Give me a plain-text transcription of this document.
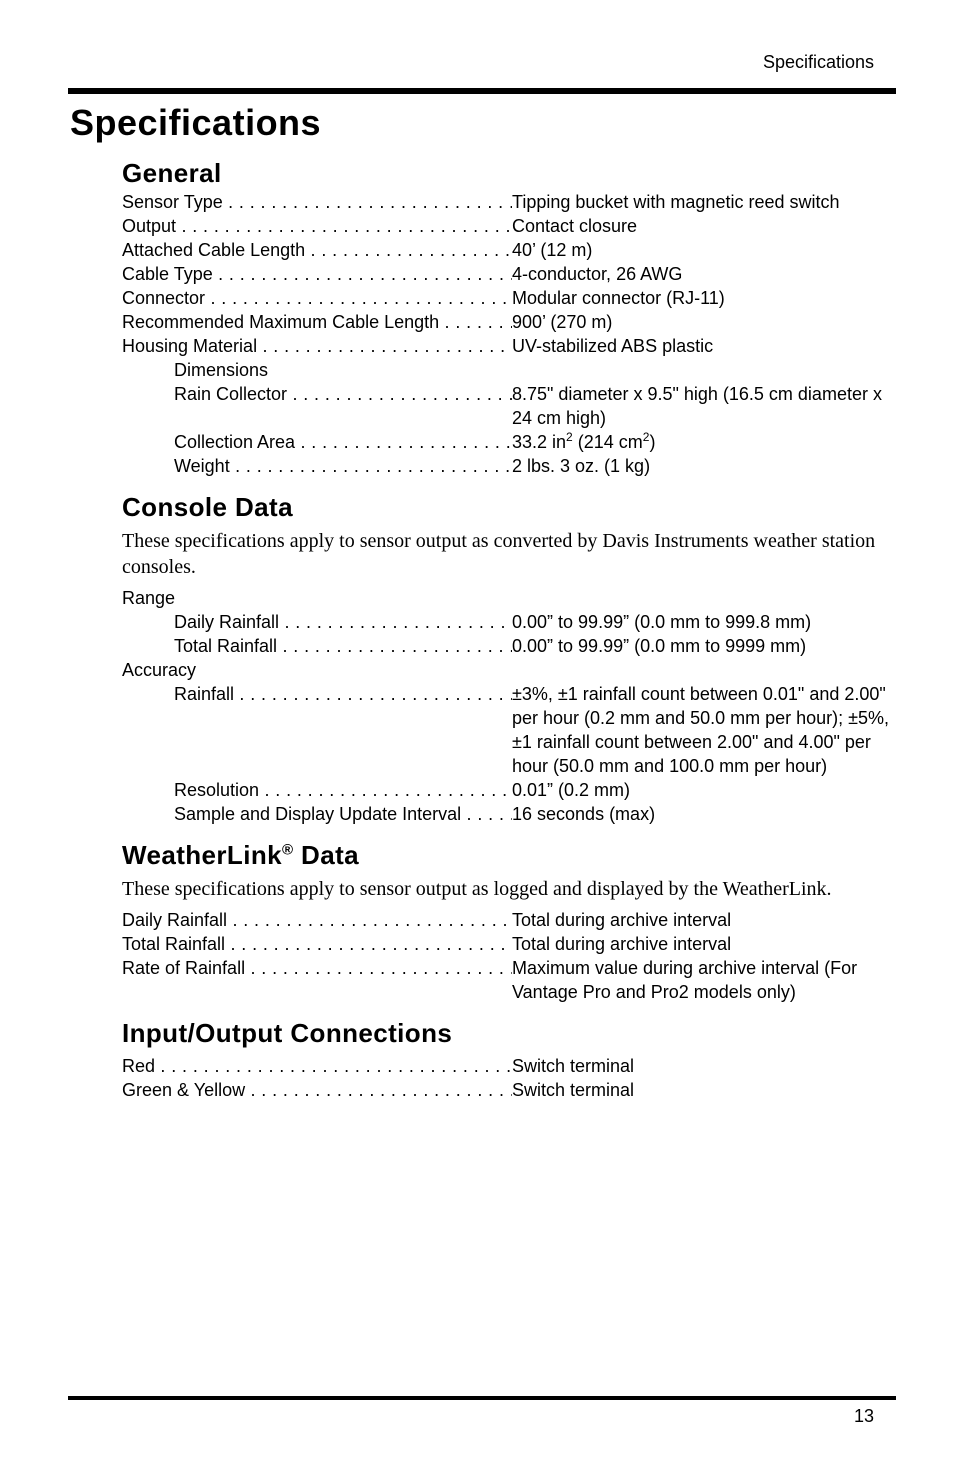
Specifications
Specifications
General
Sensor Type . . .	Tipping bucket with magnetic reed switch
Output . . .	Contact closure
Attached Cable Length . . .	40’ (12 m)
Cable Type . . .	4-conductor, 26 AWG
Connector . . .	Modular connector (RJ-11)
Recommended Maximum Cable Length . . .	900’ (270 m)
Housing Material . . .	UV-stabilized ABS plastic
Dimensions
Rain Collector . . .	8.75" diameter x 9.5" high (16.5 cm diameter x 24 cm high)
Collection Area . . .	33.2 $in^2$ (214 $cm^2$)
Weight . . .	2 lbs. 3 oz. (1 kg)
Console Data

These specifications apply to sensor output as converted by Davis Instruments weather station consoles.

Range
Daily Rainfall . . .	0.00” to 99.99” (0.0 mm to 999.8 mm)
Total Rainfall . . .	0.00” to 99.99” (0.0 mm to 9999 mm)
Accuracy
Rainfall . . .	±3%, ±1 rainfall count between 0.01" and 2.00" per hour (0.2 mm and 50.0 mm per hour); ±5%, ±1 rainfall count between 2.00" and 4.00" per hour (50.0 mm and 100.0 mm per hour)
Resolution . . .	0.01” (0.2 mm)
Sample and Display Update Interval . . .	16 seconds (max)
WeatherLink® Data

These specifications apply to sensor output as logged and displayed by the WeatherLink.

Daily Rainfall . . .	Total during archive interval
Total Rainfall . . .	Total during archive interval
Rate of Rainfall . . .	Maximum value during archive interval (For Vantage Pro and Pro2 models only)
Input/Output Connections
Red . . .	Switch terminal
Green & Yellow . . .	Switch terminal
13
